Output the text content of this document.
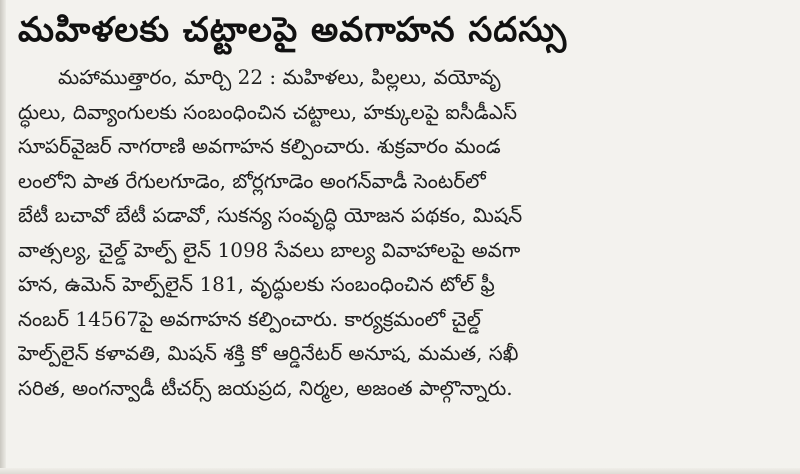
మహిళలకు చట్టాలపై అవగాహన సదస్సు
మహాముత్తారం, మార్చి 22 : మహిళలు, పిల్లలు, వయోవృ
ద్ధులు, దివ్యాంగులకు సంబంధించిన చట్టాలు, హక్కులపై ఐసీడీఎస్
సూపర్‌వైజర్ నాగరాణి అవగాహన కల్పించారు. శుక్రవారం మండ
లంలోని పాత రేగులగూడెం, బోర్లగూడెం అంగన్‌వాడీ సెంటర్‌లో
బేటీ బచావో బేటీ పడావో, సుకన్య సంవృద్ధి యోజన పథకం, మిషన్
వాత్సల్య, చైల్డ్ హెల్ప్ లైన్ 1098 సేవలు బాల్య వివాహాలపై అవగా
హన, ఉమెన్ హెల్ప్‌లైన్ 181, వృద్ధులకు సంబంధించిన టోల్ ఫ్రీ
నంబర్ 14567పై అవగాహన కల్పించారు. కార్యక్రమంలో చైల్డ్
హెల్ప్‌లైన్ కళావతి, మిషన్ శక్తి కో ఆర్డినేటర్ అనూష, మమత, సఖీ
సరిత, అంగన్వాడీ టీచర్స్ జయప్రద, నిర్మల, అజంత పాల్గొన్నారు.
